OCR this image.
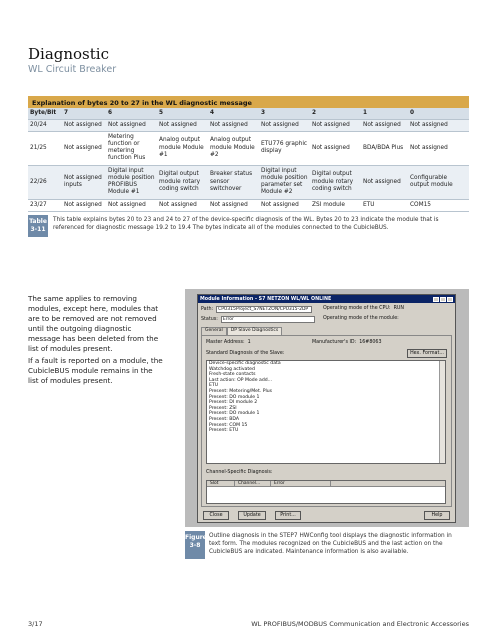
Diagnostic
WL Circuit Breaker
Explanation of bytes 20 to 27 in the WL diagnostic message
Byte/Bit	7	6	5	4	3	2	1	0
20/24	Not assigned	Not assigned	Not assigned	Not assigned	Not assigned	Not assigned	Not assigned	Not assigned
21/25	Not assigned	Metering function or metering function Plus	Analog output module Module #1	Analog output module Module #2	ETU776 graphic display	Not assigned	BDA/BDA Plus	Not assigned
22/26	Not assigned inputs	Digital input module position PROFIBUS Module #1	Digital output module rotary coding switch	Breaker status sensor switchover	Digital input module position parameter set Module #2	Digital output module rotary coding switch	Not assigned	Configurable output module
23/27	Not assigned	Not assigned	Not assigned	Not assigned	Not assigned	ZSI module	ETU	COM15
Table 3-11
This table explains bytes 20 to 23 and 24 to 27 of the device-specific diagnosis of the WL. Bytes 20 to 23 indicate the module that is referenced for diagnostic message 19.2 to 19.4 The bytes indicate all of the modules connected to the CubicleBUS.
The same applies to removing modules, except here, modules that are to be removed are not removed until the outgoing diagnostic message has been deleted from the list of modules present.
If a fault is reported on a module, the CubicleBUS module remains in the list of modules present.
Module Information - S7 NETZON WL/WL ONLINE
Path:	CPU315Project_S7NETZON/CPU315-2DP	Operating mode of the CPU: RUN
Status:	Error	Operating mode of the module:
General	DP Slave Diagnostics
Master Address: 1	Manufacturer's ID: 16#8063
Standard Diagnosis of the Slave:	Hex. Format...
Device-specific diagnostic data
Watchdog activated
Fresh-state contacts
Last action: OP Mode add...
ETU
Present: Metering/Met. Plus
Present: DO module 1
Present: DI module 2
Present: ZSI
Present: DO module 1
Present: BDA
Present: COM 15
Present: ETU
Channel-Specific Diagnosis:
Slot	Channel...	Error
Close	Update	Print...	Help
Figure 3-8
Outline diagnosis in the STEP7 HWConfig tool displays the diagnostic information in text form. The modules recognized on the CubicleBUS and the last action on the CubicleBUS are indicated. Maintenance information is also available.
3/17	WL PROFIBUS/MODBUS Communication and Electronic Accessories
